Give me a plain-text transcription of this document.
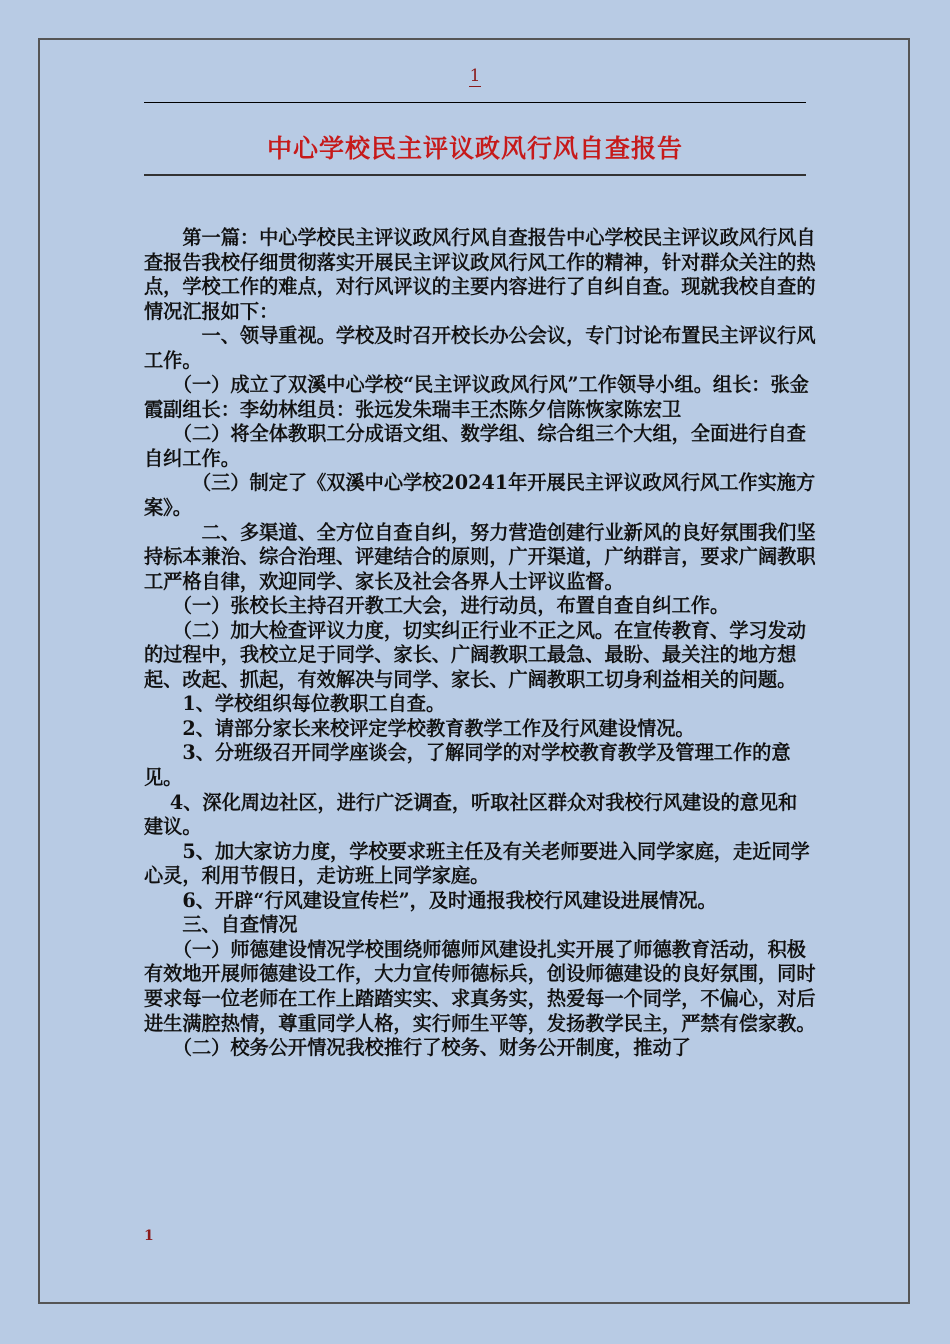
1
中心学校民主评议政风行风自查报告

　　第一篇：中心学校民主评议政风行风自查报告中心学校民主评议政风行风自查报告我校仔细贯彻落实开展民主评议政风行风工作的精神，针对群众关注的热点，学校工作的难点，对行风评议的主要内容进行了自纠自查。现就我校自查的情况汇报如下：

　　　一、领导重视。学校及时召开校长办公会议，专门讨论布置民主评议行风工作。

　　（一）成立了双溪中心学校“民主评议政风行风”工作领导小组。组长：张金霞副组长：李幼林组员：张远发朱瑞丰王杰陈夕信陈恢家陈宏卫

　　（二）将全体教职工分成语文组、数学组、综合组三个大组，全面进行自查自纠工作。

　　　（三）制定了《双溪中心学校20241年开展民主评议政风行风工作实施方案》。

　　　二、多渠道、全方位自查自纠，努力营造创建行业新风的良好氛围我们坚持标本兼治、综合治理、评建结合的原则，广开渠道，广纳群言，要求广阔教职工严格自律，欢迎同学、家长及社会各界人士评议监督。

　　（一）张校长主持召开教工大会，进行动员，布置自查自纠工作。

　　（二）加大检查评议力度，切实纠正行业不正之风。在宣传教育、学习发动的过程中，我校立足于同学、家长、广阔教职工最急、最盼、最关注的地方想起、改起、抓起，有效解决与同学、家长、广阔教职工切身利益相关的问题。

　　1、学校组织每位教职工自查。

　　2、请部分家长来校评定学校教育教学工作及行风建设情况。

　　3、分班级召开同学座谈会，了解同学的对学校教育教学及管理工作的意见。

　 4、深化周边社区，进行广泛调查，听取社区群众对我校行风建设的意见和建议。

　　5、加大家访力度，学校要求班主任及有关老师要进入同学家庭，走近同学心灵，利用节假日，走访班上同学家庭。

　　6、开辟“行风建设宣传栏”，及时通报我校行风建设进展情况。

　　三、自查情况

　　（一）师德建设情况学校围绕师德师风建设扎实开展了师德教育活动，积极有效地开展师德建设工作，大力宣传师德标兵，创设师德建设的良好氛围，同时要求每一位老师在工作上踏踏实实、求真务实，热爱每一个同学，不偏心，对后进生满腔热情，尊重同学人格，实行师生平等，发扬教学民主，严禁有偿家教。

　　（二）校务公开情况我校推行了校务、财务公开制度，推动了

1
